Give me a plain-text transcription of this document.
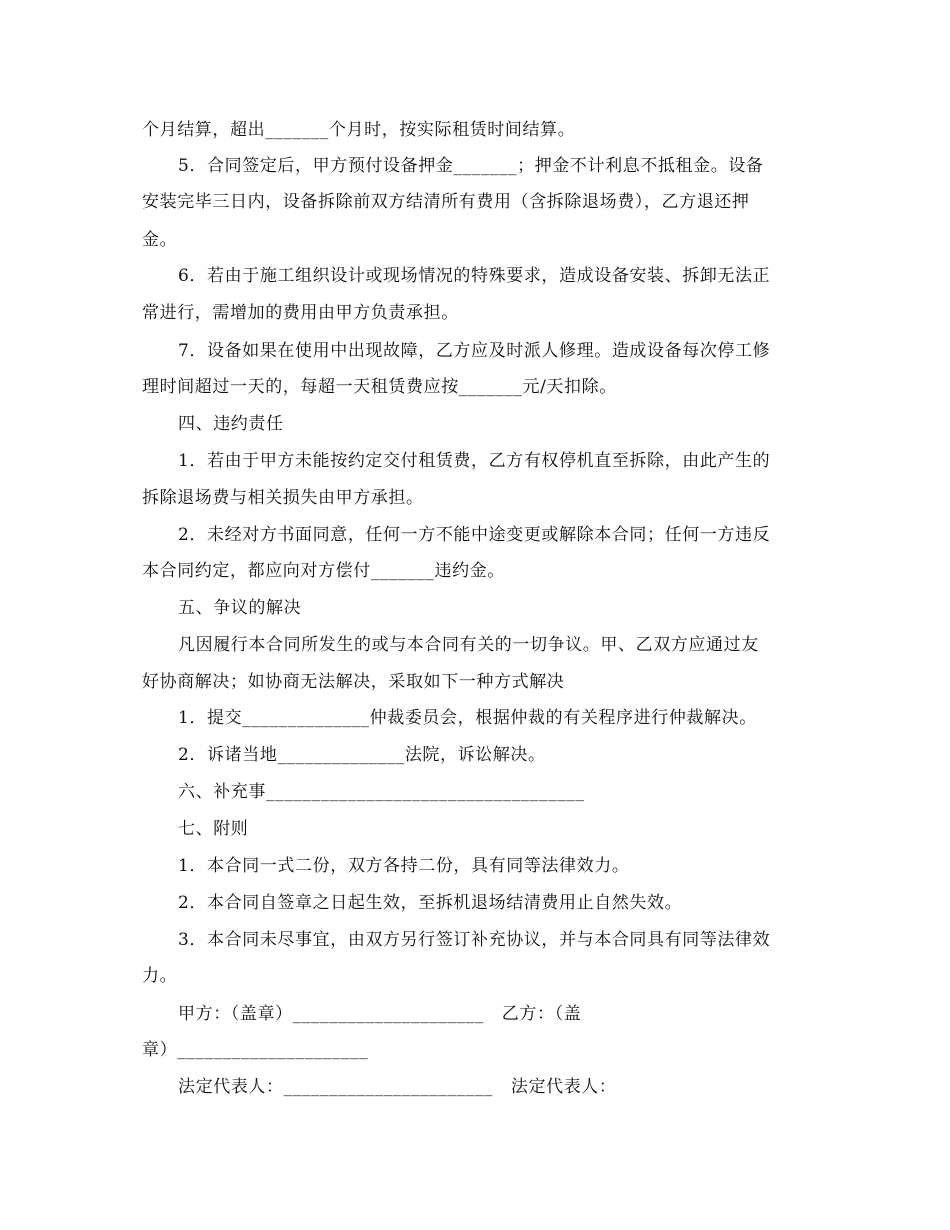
个月结算，超出_______个月时，按实际租赁时间结算。
5．合同签定后，甲方预付设备押金_______；押金不计利息不抵租金。设备
安装完毕三日内，设备拆除前双方结清所有费用（含拆除退场费），乙方退还押
金。
6．若由于施工组织设计或现场情况的特殊要求，造成设备安装、拆卸无法正
常进行，需增加的费用由甲方负责承担。
7．设备如果在使用中出现故障，乙方应及时派人修理。造成设备每次停工修
理时间超过一天的，每超一天租赁费应按_______元/天扣除。
四、违约责任
1．若由于甲方未能按约定交付租赁费，乙方有权停机直至拆除，由此产生的
拆除退场费与相关损失由甲方承担。
2．未经对方书面同意，任何一方不能中途变更或解除本合同；任何一方违反
本合同约定，都应向对方偿付_______违约金。
五、争议的解决
凡因履行本合同所发生的或与本合同有关的一切争议。甲、乙双方应通过友
好协商解决；如协商无法解决，采取如下一种方式解决
1．提交______________仲裁委员会，根据仲裁的有关程序进行仲裁解决。
2．诉诸当地______________法院，诉讼解决。
六、补充事___________________________________
七、附则
1．本合同一式二份，双方各持二份，具有同等法律效力。
2．本合同自签章之日起生效，至拆机退场结清费用止自然失效。
3．本合同未尽事宜，由双方另行签订补充协议，并与本合同具有同等法律效
力。
甲方：（盖章）_____________________   乙方：（盖
章）_____________________
法定代表人：_______________________   法定代表人：
